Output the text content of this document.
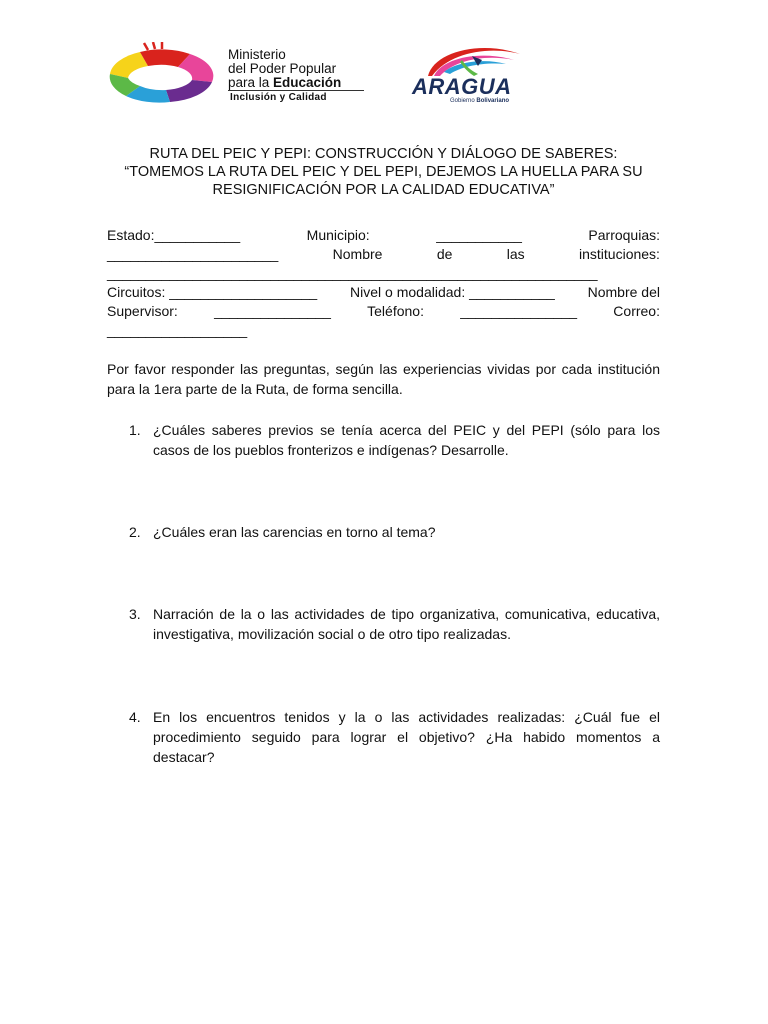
Ministerio
del Poder Popular
para la Educación
Inclusión y Calidad	ARAGUA
Gobierno Bolivariano
RUTA DEL PEIC Y PEPI: CONSTRUCCIÓN Y DIÁLOGO DE SABERES:
“TOMEMOS LA RUTA DEL PEIC Y DEL PEPI, DEJEMOS LA HUELLA PARA SU
RESIGNIFICACIÓN POR LA CALIDAD EDUCATIVA”
Estado:___________	Municipio:	___________	Parroquias:
______________________	Nombre	de	las	instituciones:
_______________________________________________________________
Circuitos: ___________________ Nivel o modalidad: ___________ Nombre del
Supervisor:	_______________	Teléfono:	_______________	Correo:
__________________
Por favor responder las preguntas, según las experiencias vividas por cada institución para la 1era parte de la Ruta, de forma sencilla.
1. ¿Cuáles saberes previos se tenía acerca del PEIC y del PEPI (sólo para los casos de los pueblos fronterizos e indígenas? Desarrolle.
2. ¿Cuáles eran las carencias en torno al tema?
3. Narración de la o las actividades de tipo organizativa, comunicativa, educativa, investigativa, movilización social o de otro tipo realizadas.
4. En los encuentros tenidos y la o las actividades realizadas: ¿Cuál fue el procedimiento seguido para lograr el objetivo? ¿Ha habido momentos a destacar?
